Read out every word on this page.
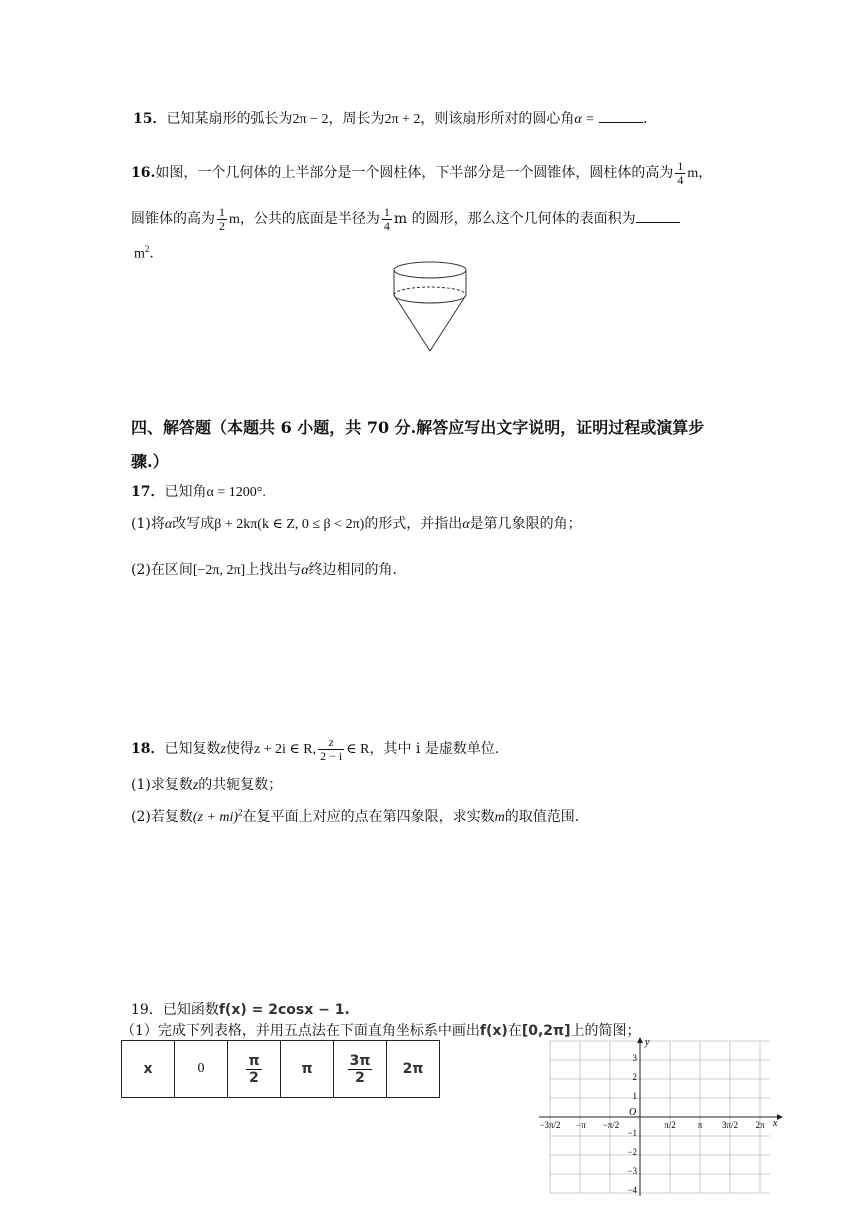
15．已知某扇形的弧长为2π − 2，周长为2π + 2，则该扇形所对的圆心角α =	.
16.如图，一个几何体的上半部分是一个圆柱体，下半部分是一个圆锥体，圆柱体的高为 $\frac{1}{4}$ m，
圆锥体的高为 $\frac{1}{2}$ m，公共的底面是半径为 $\frac{1}{4}$ m 的圆形，那么这个几何体的表面积为
$m^2$.
四、解答题（本题共 6 小题，共 70 分.解答应写出文字说明，证明过程或演算步
骤.）
17．已知角α = 1200°.
(1)将α改写成β + 2kπ(k ∈ Z, 0 ≤ β < 2π)的形式，并指出α是第几象限的角；
(2)在区间[−2π, 2π]上找出与α终边相同的角.
18．已知复数z使得z + 2i ∈ R, $\frac{z}{2 - i}$ ∈ R，其中 i 是虚数单位.
(1)求复数z的共轭复数；
(2)若复数(z + mi)$^2$在复平面上对应的点在第四象限，求实数m的取值范围.
19．已知函数f(x) = 2cosx − 1.
（1）完成下列表格，并用五点法在下面直角坐标系中画出f(x)在[0,2π]上的简图；
x	0	$\frac{\pi}{2}$	π	$\frac{3\pi}{2}$	2π
x
y
O
3
2
1
−1
−2
−3
−4
−3π/2 −π −π/2	π/2 π 3π/2 2π
